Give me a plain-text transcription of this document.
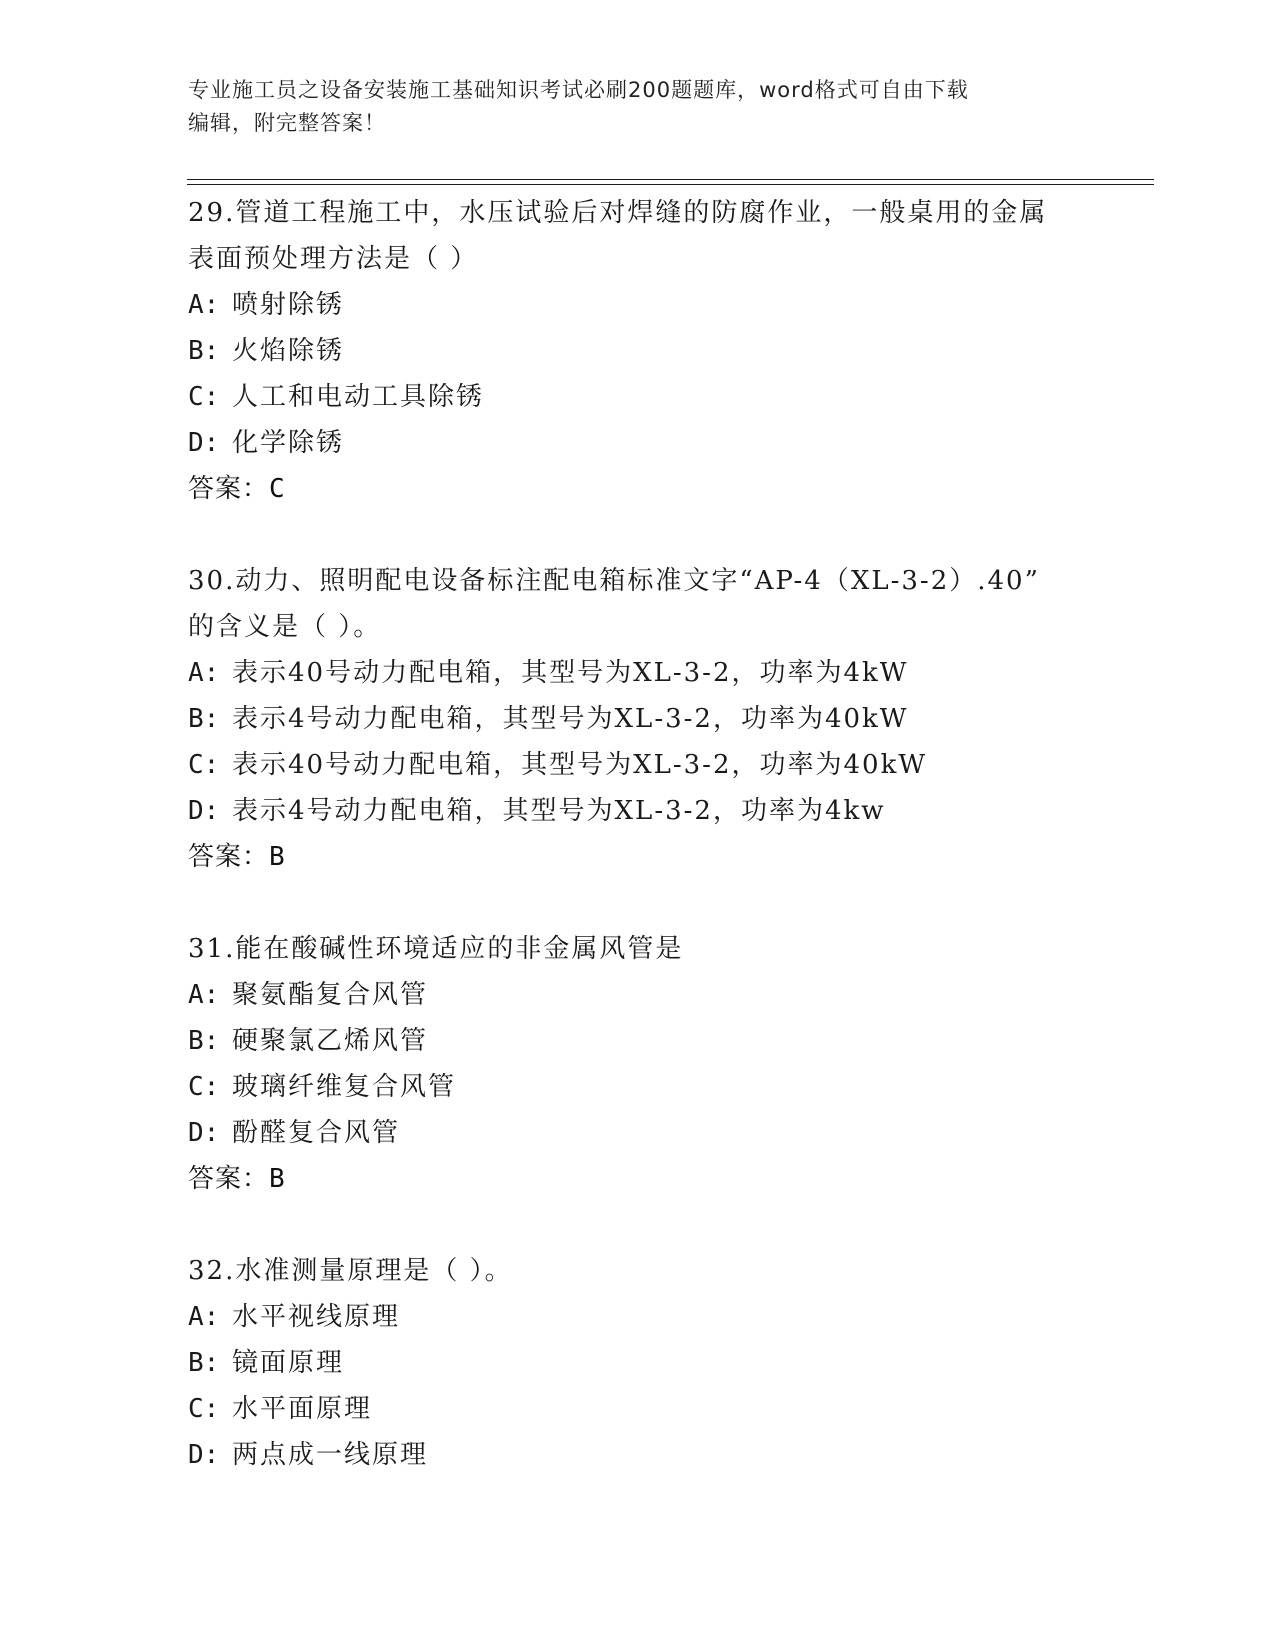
专业施工员之设备安装施工基础知识考试必刷200题题库，word格式可自由下载
编辑，附完整答案！
29.管道工程施工中，水压试验后对焊缝的防腐作业，一般桌用的金属
表面预处理方法是（ ）
A: 喷射除锈
B: 火焰除锈
C: 人工和电动工具除锈
D: 化学除锈
答案：C
30.动力、照明配电设备标注配电箱标准文字“AP-4（XL-3-2）.40”
的含义是（ ）。
A: 表示40号动力配电箱，其型号为XL-3-2，功率为4kW
B: 表示4号动力配电箱，其型号为XL-3-2，功率为40kW
C: 表示40号动力配电箱，其型号为XL-3-2，功率为40kW
D: 表示4号动力配电箱，其型号为XL-3-2，功率为4kw
答案：B
31.能在酸碱性环境适应的非金属风管是
A: 聚氨酯复合风管
B: 硬聚氯乙烯风管
C: 玻璃纤维复合风管
D: 酚醛复合风管
答案：B
32.水准测量原理是（ ）。
A: 水平视线原理
B: 镜面原理
C: 水平面原理
D: 两点成一线原理
